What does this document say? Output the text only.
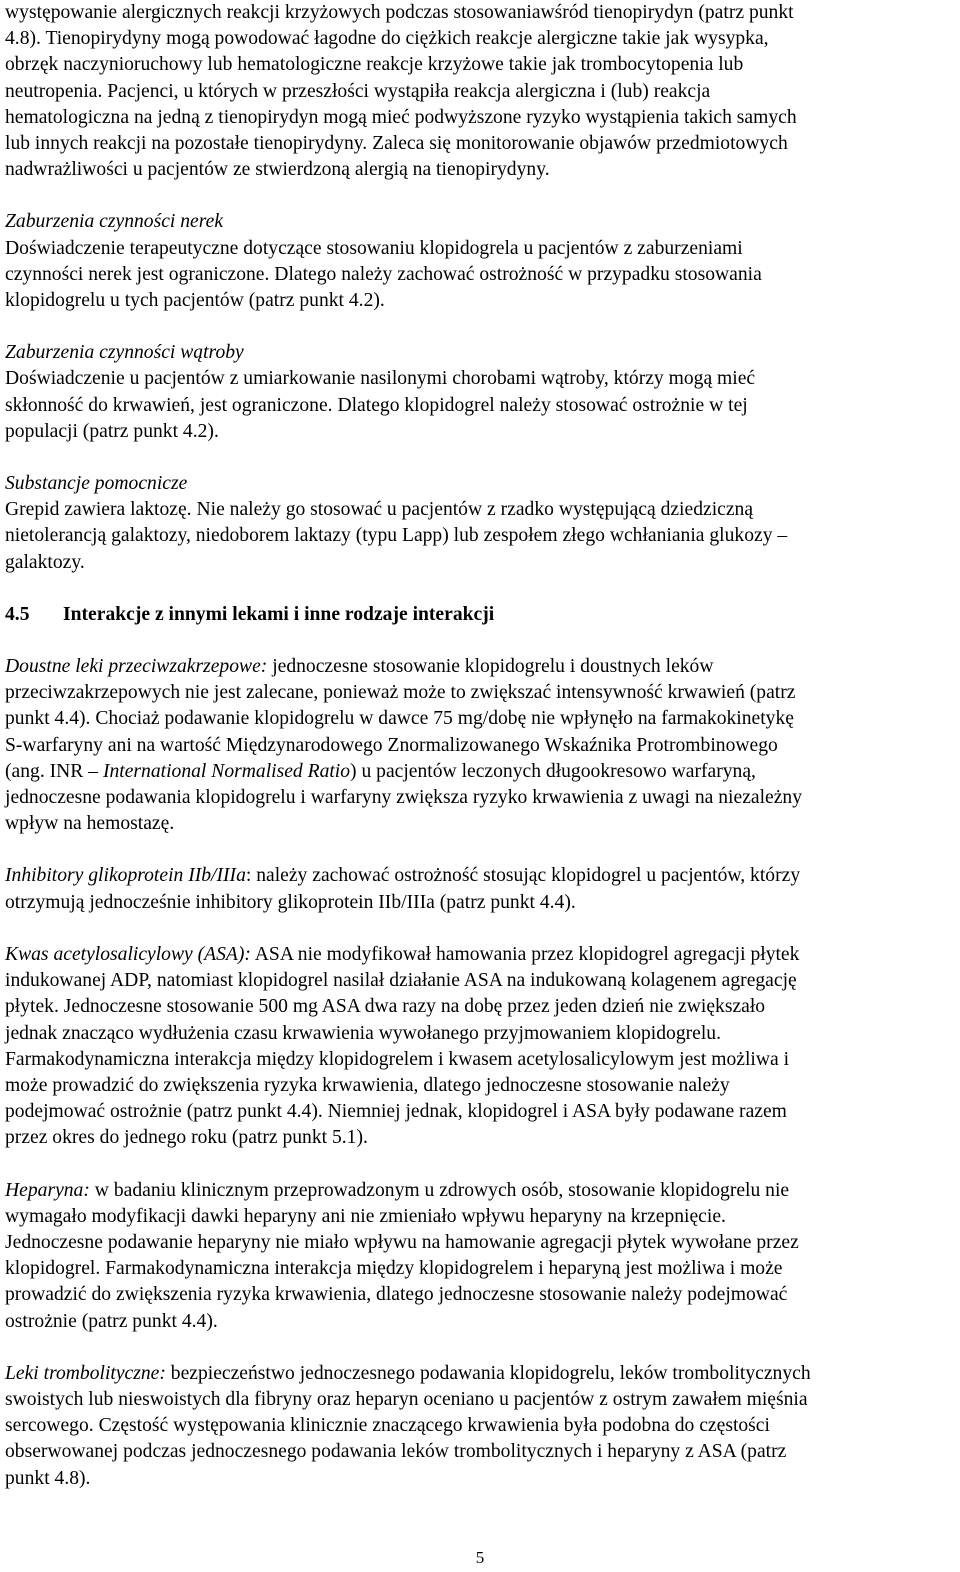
występowanie alergicznych reakcji krzyżowych podczas stosowaniawśród tienopirydyn (patrz punkt
4.8). Tienopirydyny mogą powodować łagodne do ciężkich reakcje alergiczne takie jak wysypka,
obrzęk naczynioruchowy lub hematologiczne reakcje krzyżowe takie jak trombocytopenia lub
neutropenia. Pacjenci, u których w przeszłości wystąpiła reakcja alergiczna i (lub) reakcja
hematologiczna na jedną z tienopirydyn mogą mieć podwyższone ryzyko wystąpienia takich samych
lub innych reakcji na pozostałe tienopirydyny. Zaleca się monitorowanie objawów przedmiotowych
nadwrażliwości u pacjentów ze stwierdzoną alergią na tienopirydyny.

Zaburzenia czynności nerek
Doświadczenie terapeutyczne dotyczące stosowaniu klopidogrela u pacjentów z zaburzeniami
czynności nerek jest ograniczone. Dlatego należy zachować ostrożność w przypadku stosowania
klopidogrelu u tych pacjentów (patrz punkt 4.2).

Zaburzenia czynności wątroby
Doświadczenie u pacjentów z umiarkowanie nasilonymi chorobami wątroby, którzy mogą mieć
skłonność do krwawień, jest ograniczone. Dlatego klopidogrel należy stosować ostrożnie w tej
populacji (patrz punkt 4.2).

Substancje pomocnicze
Grepid zawiera laktozę. Nie należy go stosować u pacjentów z rzadko występującą dziedziczną
nietolerancją galaktozy, niedoborem laktazy (typu Lapp) lub zespołem złego wchłaniania glukozy –
galaktozy.

4.5 Interakcje z innymi lekami i inne rodzaje interakcji

Doustne leki przeciwzakrzepowe: jednoczesne stosowanie klopidogrelu i doustnych leków
przeciwzakrzepowych nie jest zalecane, ponieważ może to zwiększać intensywność krwawień (patrz
punkt 4.4). Chociaż podawanie klopidogrelu w dawce 75 mg/dobę nie wpłynęło na farmakokinetykę
S-warfaryny ani na wartość Międzynarodowego Znormalizowanego Wskaźnika Protrombinowego
(ang. INR – International Normalised Ratio) u pacjentów leczonych długookresowo warfaryną,
jednoczesne podawania klopidogrelu i warfaryny zwiększa ryzyko krwawienia z uwagi na niezależny
wpływ na hemostazę.

Inhibitory glikoprotein IIb/IIIa: należy zachować ostrożność stosując klopidogrel u pacjentów, którzy
otrzymują jednocześnie inhibitory glikoprotein IIb/IIIa (patrz punkt 4.4).

Kwas acetylosalicylowy (ASA): ASA nie modyfikował hamowania przez klopidogrel agregacji płytek
indukowanej ADP, natomiast klopidogrel nasilał działanie ASA na indukowaną kolagenem agregację
płytek. Jednoczesne stosowanie 500 mg ASA dwa razy na dobę przez jeden dzień nie zwiększało
jednak znacząco wydłużenia czasu krwawienia wywołanego przyjmowaniem klopidogrelu.
Farmakodynamiczna interakcja między klopidogrelem i kwasem acetylosalicylowym jest możliwa i
może prowadzić do zwiększenia ryzyka krwawienia, dlatego jednoczesne stosowanie należy
podejmować ostrożnie (patrz punkt 4.4). Niemniej jednak, klopidogrel i ASA były podawane razem
przez okres do jednego roku (patrz punkt 5.1).

Heparyna: w badaniu klinicznym przeprowadzonym u zdrowych osób, stosowanie klopidogrelu nie
wymagało modyfikacji dawki heparyny ani nie zmieniało wpływu heparyny na krzepnięcie.
Jednoczesne podawanie heparyny nie miało wpływu na hamowanie agregacji płytek wywołane przez
klopidogrel. Farmakodynamiczna interakcja między klopidogrelem i heparyną jest możliwa i może
prowadzić do zwiększenia ryzyka krwawienia, dlatego jednoczesne stosowanie należy podejmować
ostrożnie (patrz punkt 4.4).

Leki trombolityczne: bezpieczeństwo jednoczesnego podawania klopidogrelu, leków trombolitycznych
swoistych lub nieswoistych dla fibryny oraz heparyn oceniano u pacjentów z ostrym zawałem mięśnia
sercowego. Częstość występowania klinicznie znaczącego krwawienia była podobna do częstości
obserwowanej podczas jednoczesnego podawania leków trombolitycznych i heparyny z ASA (patrz
punkt 4.8).

5
